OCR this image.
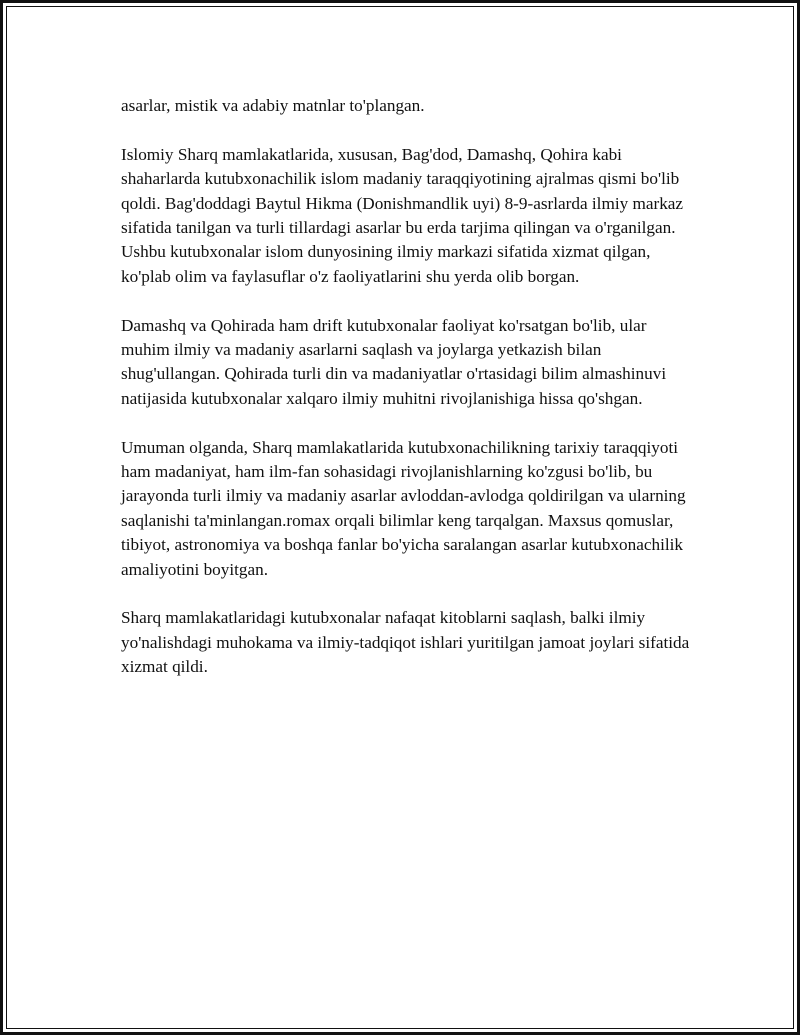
asarlar, mistik va adabiy matnlar to'plangan.

Islomiy Sharq mamlakatlarida, xususan, Bag'dod, Damashq, Qohira kabi shaharlarda kutubxonachilik islom madaniy taraqqiyotining ajralmas qismi bo'lib qoldi. Bag'doddagi Baytul Hikma (Donishmandlik uyi) 8-9-asrlarda ilmiy markaz sifatida tanilgan va turli tillardagi asarlar bu erda tarjima qilingan va o'rganilgan. Ushbu kutubxonalar islom dunyosining ilmiy markazi sifatida xizmat qilgan, ko'plab olim va faylasuflar o'z faoliyatlarini shu yerda olib borgan.

Damashq va Qohirada ham drift kutubxonalar faoliyat ko'rsatgan bo'lib, ular muhim ilmiy va madaniy asarlarni saqlash va joylarga yetkazish bilan shug'ullangan. Qohirada turli din va madaniyatlar o'rtasidagi bilim almashinuvi natijasida kutubxonalar xalqaro ilmiy muhitni rivojlanishiga hissa qo'shgan.

Umuman olganda, Sharq mamlakatlarida kutubxonachilikning tarixiy taraqqiyoti ham madaniyat, ham ilm-fan sohasidagi rivojlanishlarning ko'zgusi bo'lib, bu jarayonda turli ilmiy va madaniy asarlar avloddan-avlodga qoldirilgan va ularning saqlanishi ta'minlangan.romax orqali bilimlar keng tarqalgan. Maxsus qomuslar, tibiyot, astronomiya va boshqa fanlar bo'yicha saralangan asarlar kutubxonachilik amaliyotini boyitgan.

Sharq mamlakatlaridagi kutubxonalar nafaqat kitoblarni saqlash, balki ilmiy yo'nalishdagi muhokama va ilmiy-tadqiqot ishlari yuritilgan jamoat joylari sifatida xizmat qildi.
